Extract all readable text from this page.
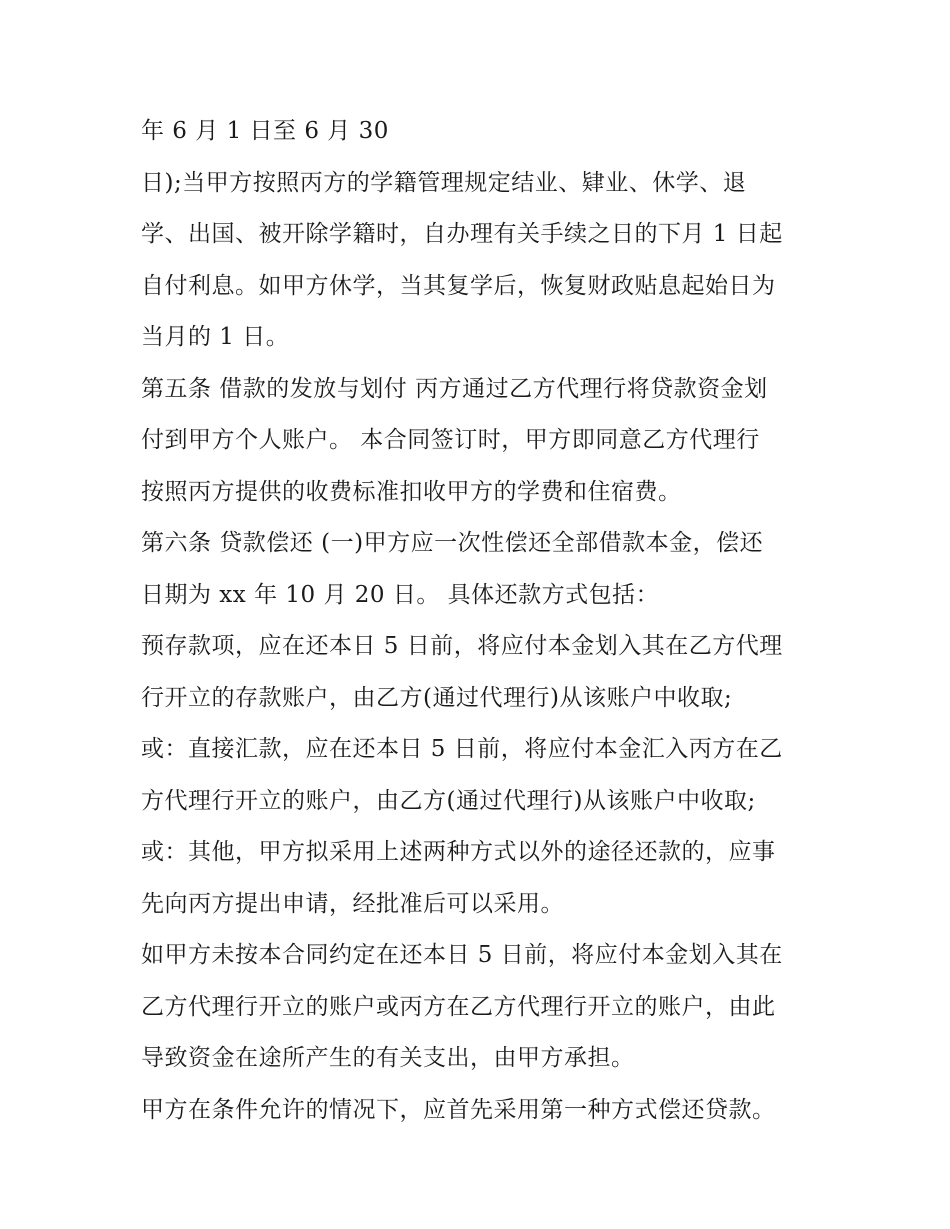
年 6 月 1 日至 6 月 30
日);当甲方按照丙方的学籍管理规定结业、肄业、休学、退
学、出国、被开除学籍时，自办理有关手续之日的下月 1 日起
自付利息。如甲方休学，当其复学后，恢复财政贴息起始日为
当月的 1 日。
第五条 借款的发放与划付 丙方通过乙方代理行将贷款资金划
付到甲方个人账户。 本合同签订时，甲方即同意乙方代理行
按照丙方提供的收费标准扣收甲方的学费和住宿费。
第六条 贷款偿还 (一)甲方应一次性偿还全部借款本金，偿还
日期为 xx 年 10 月 20 日。 具体还款方式包括：
预存款项，应在还本日 5 日前，将应付本金划入其在乙方代理
行开立的存款账户，由乙方(通过代理行)从该账户中收取;
或：直接汇款，应在还本日 5 日前，将应付本金汇入丙方在乙
方代理行开立的账户，由乙方(通过代理行)从该账户中收取;
或：其他，甲方拟采用上述两种方式以外的途径还款的，应事
先向丙方提出申请，经批准后可以采用。
如甲方未按本合同约定在还本日 5 日前，将应付本金划入其在
乙方代理行开立的账户或丙方在乙方代理行开立的账户，由此
导致资金在途所产生的有关支出，由甲方承担。
甲方在条件允许的情况下，应首先采用第一种方式偿还贷款。
